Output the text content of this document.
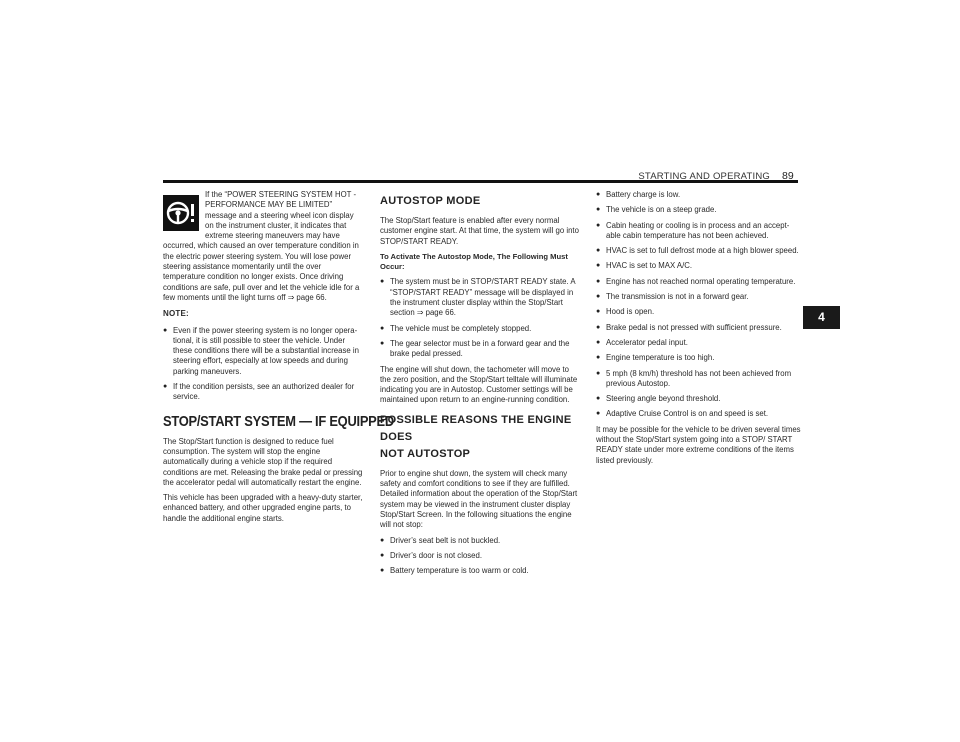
STARTING AND OPERATING 89
4

If the “POWER STEERING SYSTEM HOT - PERFORMANCE MAY BE LIMITED” message and a steering wheel icon display on the instrument cluster, it indicates that extreme steering maneuvers may have occurred, which caused an over temperature condition in the electric power steering system. You will lose power steering assistance momentarily until the over temperature condition no longer exists. Once driving conditions are safe, pull over and let the vehicle idle for a few moments until the light turns off ⇒ page 66.

NOTE:
● Even if the power steering system is no longer opera-tional, it is still possible to steer the vehicle. Under these conditions there will be a substantial increase in steering effort, especially at low speeds and during parking maneuvers.
● If the condition persists, see an authorized dealer for service.
STOP/START SYSTEM — IF EQUIPPED

The Stop/Start function is designed to reduce fuel consumption. The system will stop the engine automatically during a vehicle stop if the required conditions are met. Releasing the brake pedal or pressing the accelerator pedal will automatically restart the engine.

This vehicle has been upgraded with a heavy-duty starter, enhanced battery, and other upgraded engine parts, to handle the additional engine starts.

AUTOSTOP MODE

The Stop/Start feature is enabled after every normal customer engine start. At that time, the system will go into STOP/START READY.

To Activate The Autostop Mode, The Following Must Occur:
● The system must be in STOP/START READY state. A “STOP/START READY” message will be displayed in the instrument cluster display within the Stop/Start section ⇒ page 66.
● The vehicle must be completely stopped.
● The gear selector must be in a forward gear and the brake pedal pressed.

The engine will shut down, the tachometer will move to the zero position, and the Stop/Start telltale will illuminate indicating you are in Autostop. Customer settings will be maintained upon return to an engine-running condition.

POSSIBLE REASONS THE ENGINE DOES
NOT AUTOSTOP

Prior to engine shut down, the system will check many safety and comfort conditions to see if they are fulfilled. Detailed information about the operation of the Stop/Start system may be viewed in the instrument cluster display Stop/Start Screen. In the following situations the engine will not stop:

● Driver’s seat belt is not buckled.
● Driver’s door is not closed.
● Battery temperature is too warm or cold.
● Battery charge is low.
● The vehicle is on a steep grade.
● Cabin heating or cooling is in process and an accept-able cabin temperature has not been achieved.
● HVAC is set to full defrost mode at a high blower speed.
● HVAC is set to MAX A/C.
● Engine has not reached normal operating temperature.
● The transmission is not in a forward gear.
● Hood is open.
● Brake pedal is not pressed with sufficient pressure.
● Accelerator pedal input.
● Engine temperature is too high.
● 5 mph (8 km/h) threshold has not been achieved from previous Autostop.
● Steering angle beyond threshold.
● Adaptive Cruise Control is on and speed is set.

It may be possible for the vehicle to be driven several times without the Stop/Start system going into a STOP/ START READY state under more extreme conditions of the items listed previously.
